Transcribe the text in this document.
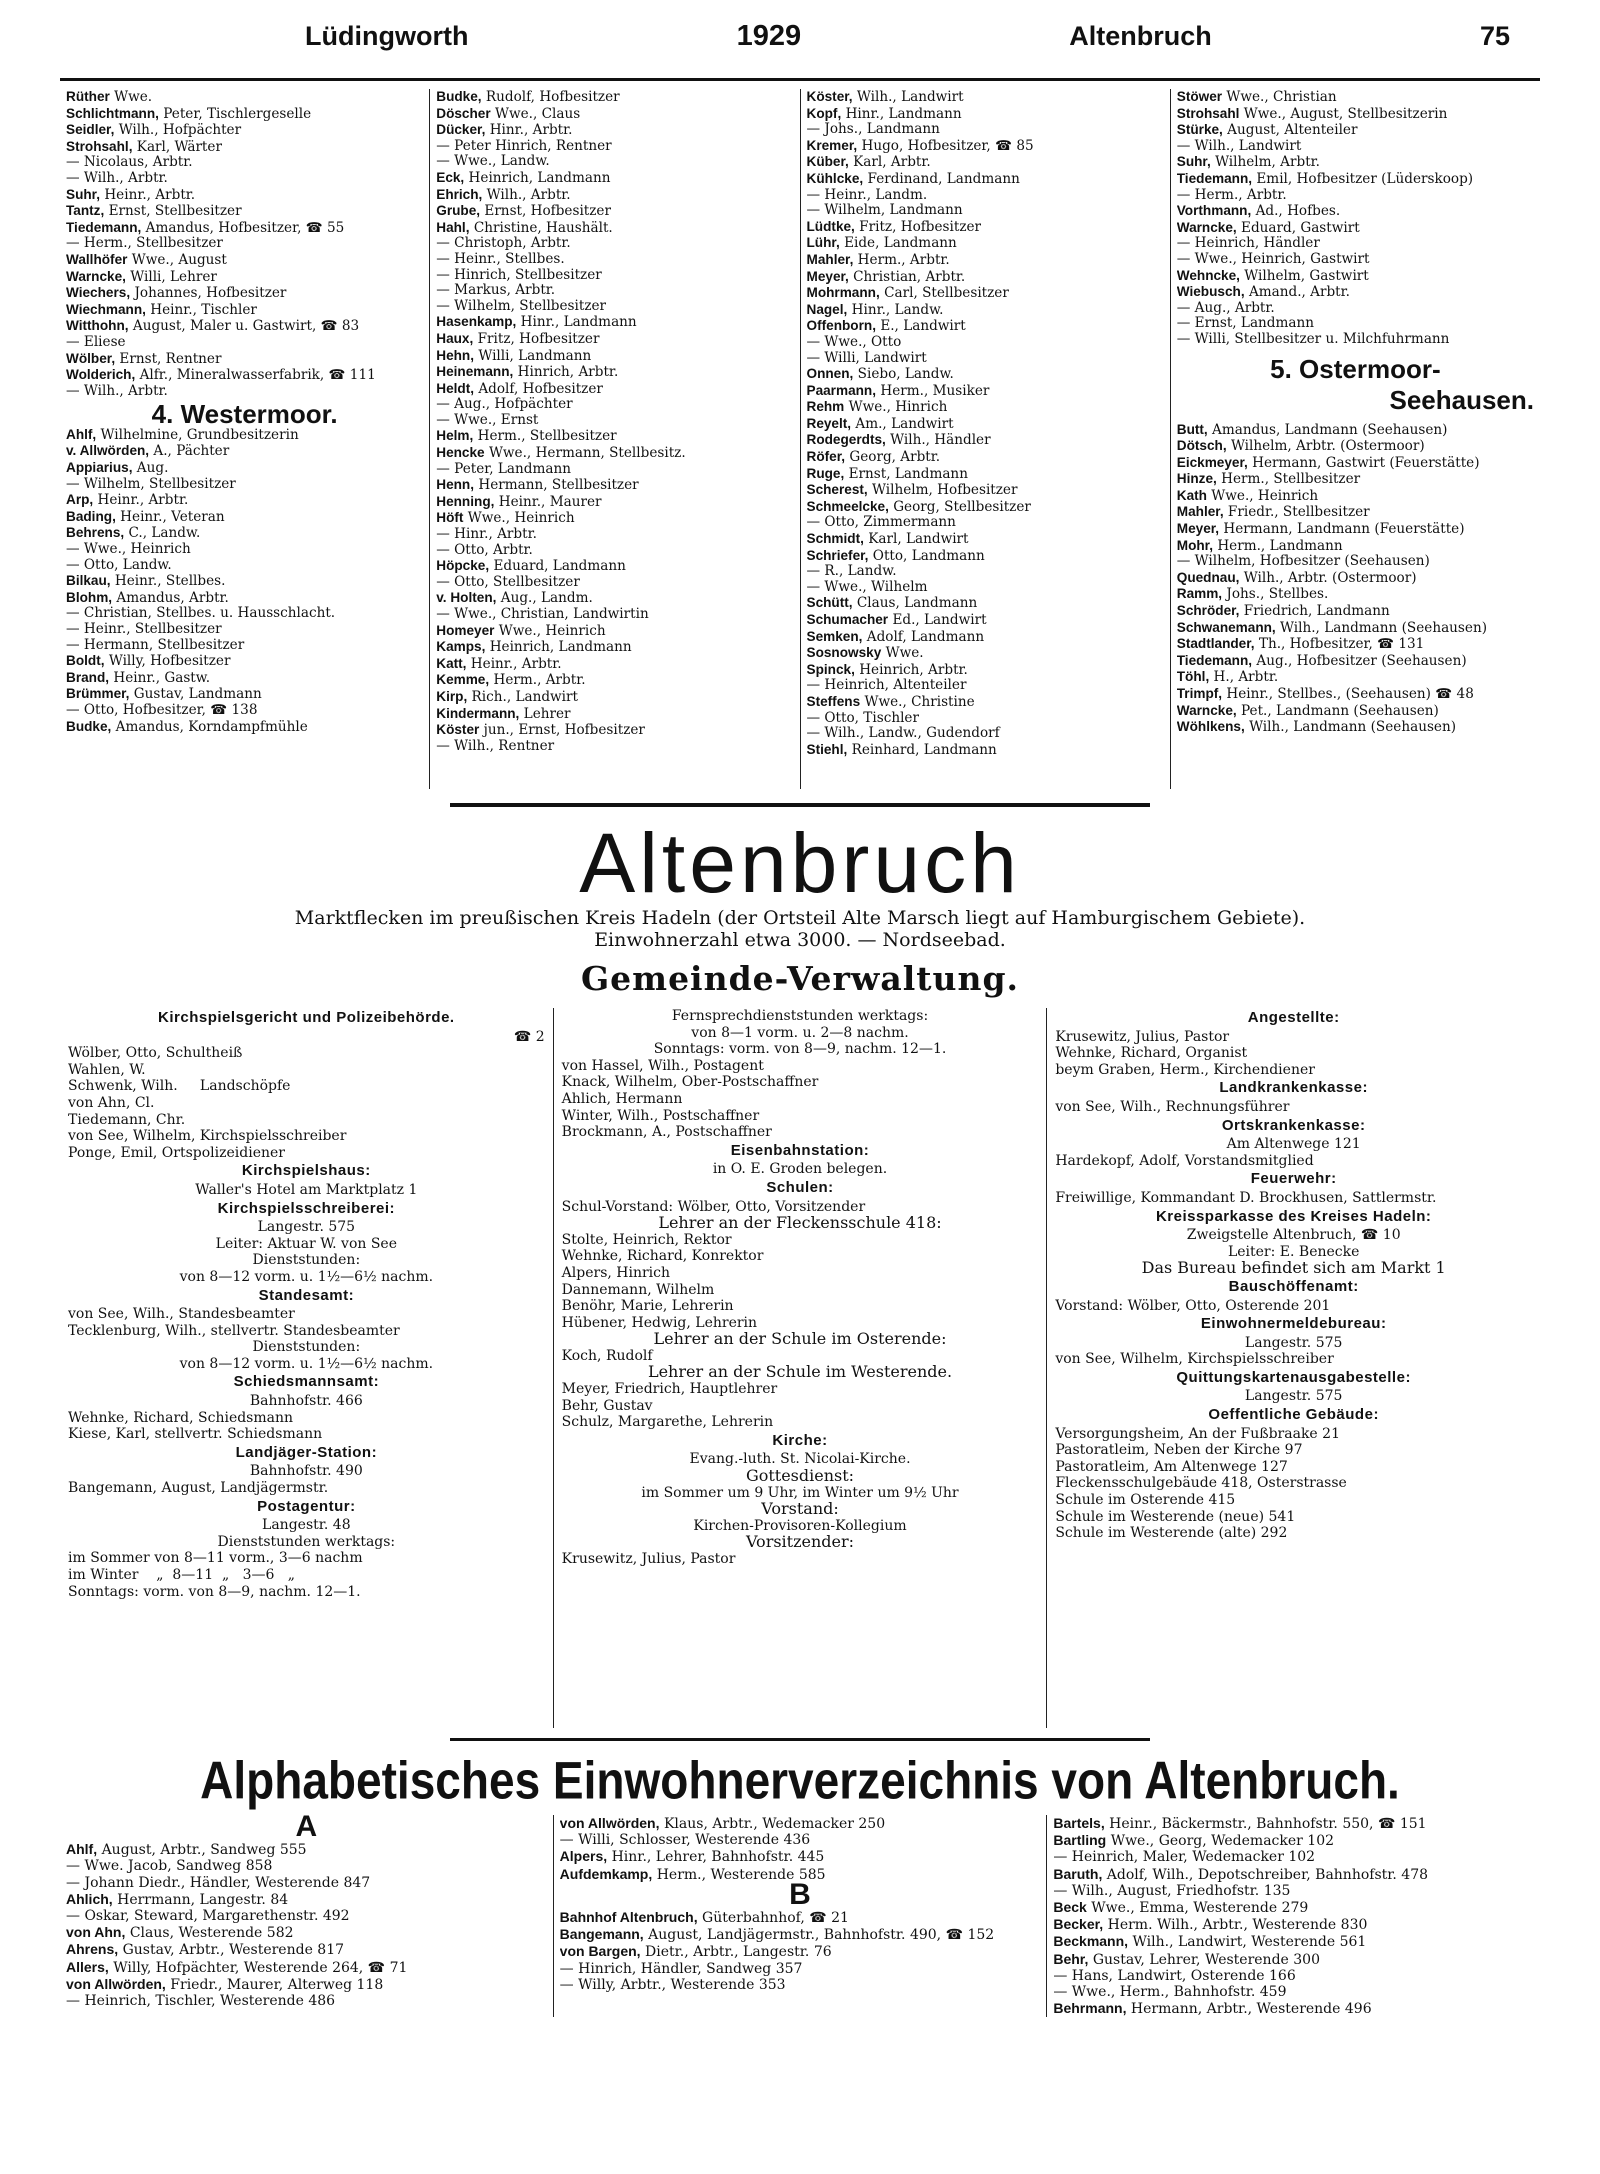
Lüdingworth	1929	Altenbruch	75
Rüther Wwe.
Schlichtmann, Peter, Tischlergeselle
Seidler, Wilh., Hofpächter
Strohsahl, Karl, Wärter
— Nicolaus, Arbtr.
— Wilh., Arbtr.
Suhr, Heinr., Arbtr.
Tantz, Ernst, Stellbesitzer
Tiedemann, Amandus, Hofbesitzer, ☎ 55
— Herm., Stellbesitzer
Wallhöfer Wwe., August
Warncke, Willi, Lehrer
Wiechers, Johannes, Hofbesitzer
Wiechmann, Heinr., Tischler
Witthohn, August, Maler u. Gastwirt, ☎ 83
— Eliese
Wölber, Ernst, Rentner
Wolderich, Alfr., Mineralwasserfabrik, ☎ 111
— Wilh., Arbtr.
4. Westermoor.
Ahlf, Wilhelmine, Grundbesitzerin
v. Allwörden, A., Pächter
Appiarius, Aug.
— Wilhelm, Stellbesitzer
Arp, Heinr., Arbtr.
Bading, Heinr., Veteran
Behrens, C., Landw.
— Wwe., Heinrich
— Otto, Landw.
Bilkau, Heinr., Stellbes.
Blohm, Amandus, Arbtr.
— Christian, Stellbes. u. Hausschlacht.
— Heinr., Stellbesitzer
— Hermann, Stellbesitzer
Boldt, Willy, Hofbesitzer
Brand, Heinr., Gastw.
Brümmer, Gustav, Landmann
— Otto, Hofbesitzer, ☎ 138
Budke, Amandus, Korndampfmühle
Budke, Rudolf, Hofbesitzer
Döscher Wwe., Claus
Dücker, Hinr., Arbtr.
— Peter Hinrich, Rentner
— Wwe., Landw.
Eck, Heinrich, Landmann
Ehrich, Wilh., Arbtr.
Grube, Ernst, Hofbesitzer
Hahl, Christine, Haushält.
— Christoph, Arbtr.
— Heinr., Stellbes.
— Hinrich, Stellbesitzer
— Markus, Arbtr.
— Wilhelm, Stellbesitzer
Hasenkamp, Hinr., Landmann
Haux, Fritz, Hofbesitzer
Hehn, Willi, Landmann
Heinemann, Hinrich, Arbtr.
Heldt, Adolf, Hofbesitzer
— Aug., Hofpächter
— Wwe., Ernst
Helm, Herm., Stellbesitzer
Hencke Wwe., Hermann, Stellbesitz.
— Peter, Landmann
Henn, Hermann, Stellbesitzer
Henning, Heinr., Maurer
Höft Wwe., Heinrich
— Hinr., Arbtr.
— Otto, Arbtr.
Höpcke, Eduard, Landmann
— Otto, Stellbesitzer
v. Holten, Aug., Landm.
— Wwe., Christian, Landwirtin
Homeyer Wwe., Heinrich
Kamps, Heinrich, Landmann
Katt, Heinr., Arbtr.
Kemme, Herm., Arbtr.
Kirp, Rich., Landwirt
Kindermann, Lehrer
Köster jun., Ernst, Hofbesitzer
— Wilh., Rentner
Köster, Wilh., Landwirt
Kopf, Hinr., Landmann
— Johs., Landmann
Kremer, Hugo, Hofbesitzer, ☎ 85
Küber, Karl, Arbtr.
Kühlcke, Ferdinand, Landmann
— Heinr., Landm.
— Wilhelm, Landmann
Lüdtke, Fritz, Hofbesitzer
Lühr, Eide, Landmann
Mahler, Herm., Arbtr.
Meyer, Christian, Arbtr.
Mohrmann, Carl, Stellbesitzer
Nagel, Hinr., Landw.
Offenborn, E., Landwirt
— Wwe., Otto
— Willi, Landwirt
Onnen, Siebo, Landw.
Paarmann, Herm., Musiker
Rehm Wwe., Hinrich
Reyelt, Am., Landwirt
Rodegerdts, Wilh., Händler
Röfer, Georg, Arbtr.
Ruge, Ernst, Landmann
Scherest, Wilhelm, Hofbesitzer
Schmeelcke, Georg, Stellbesitzer
— Otto, Zimmermann
Schmidt, Karl, Landwirt
Schriefer, Otto, Landmann
— R., Landw.
— Wwe., Wilhelm
Schütt, Claus, Landmann
Schumacher Ed., Landwirt
Semken, Adolf, Landmann
Sosnowsky Wwe.
Spinck, Heinrich, Arbtr.
— Heinrich, Altenteiler
Steffens Wwe., Christine
— Otto, Tischler
— Wilh., Landw., Gudendorf
Stiehl, Reinhard, Landmann
Stöwer Wwe., Christian
Strohsahl Wwe., August, Stellbesitzerin
Stürke, August, Altenteiler
— Wilh., Landwirt
Suhr, Wilhelm, Arbtr.
Tiedemann, Emil, Hofbesitzer (Lüderskoop)
— Herm., Arbtr.
Vorthmann, Ad., Hofbes.
Warncke, Eduard, Gastwirt
— Heinrich, Händler
— Wwe., Heinrich, Gastwirt
Wehncke, Wilhelm, Gastwirt
Wiebusch, Amand., Arbtr.
— Aug., Arbtr.
— Ernst, Landmann
— Willi, Stellbesitzer u. Milchfuhrmann
5. Ostermoor-
Seehausen.
Butt, Amandus, Landmann (Seehausen)
Dötsch, Wilhelm, Arbtr. (Ostermoor)
Eickmeyer, Hermann, Gastwirt (Feuerstätte)
Hinze, Herm., Stellbesitzer
Kath Wwe., Heinrich
Mahler, Friedr., Stellbesitzer
Meyer, Hermann, Landmann (Feuerstätte)
Mohr, Herm., Landmann
— Wilhelm, Hofbesitzer (Seehausen)
Quednau, Wilh., Arbtr. (Ostermoor)
Ramm, Johs., Stellbes.
Schröder, Friedrich, Landmann
Schwanemann, Wilh., Landmann (Seehausen)
Stadtlander, Th., Hofbesitzer, ☎ 131
Tiedemann, Aug., Hofbesitzer (Seehausen)
Töhl, H., Arbtr.
Trimpf, Heinr., Stellbes., (Seehausen) ☎ 48
Warncke, Pet., Landmann (Seehausen)
Wöhlkens, Wilh., Landmann (Seehausen)
Altenbruch
Marktflecken im preußischen Kreis Hadeln (der Ortsteil Alte Marsch liegt auf Hamburgischem Gebiete).
Einwohnerzahl etwa 3000. — Nordseebad.
Gemeinde-Verwaltung.
Kirchspielsgericht und Polizeibehörde.
☎ 2
Wölber, Otto, Schultheiß
Wahlen, W.
Schwenk, Wilh.     Landschöpfe
von Ahn, Cl.
Tiedemann, Chr.
von See, Wilhelm, Kirchspielsschreiber
Ponge, Emil, Ortspolizeidiener
Kirchspielshaus:
Waller's Hotel am Marktplatz 1
Kirchspielsschreiberei:
Langestr. 575
Leiter: Aktuar W. von See
Dienststunden:
von 8—12 vorm. u. 1½—6½ nachm.
Standesamt:
von See, Wilh., Standesbeamter
Tecklenburg, Wilh., stellvertr. Standesbeamter
Dienststunden:
von 8—12 vorm. u. 1½—6½ nachm.
Schiedsmannsamt:
Bahnhofstr. 466
Wehnke, Richard, Schiedsmann
Kiese, Karl, stellvertr. Schiedsmann
Landjäger-Station:
Bahnhofstr. 490
Bangemann, August, Landjägermstr.
Postagentur:
Langestr. 48
Dienststunden werktags:
im Sommer von 8—11 vorm., 3—6 nachm
im Winter    „  8—11  „   3—6   „
Sonntags: vorm. von 8—9, nachm. 12—1.
Fernsprechdienststunden werktags:
von 8—1 vorm. u. 2—8 nachm.
Sonntags: vorm. von 8—9, nachm. 12—1.
von Hassel, Wilh., Postagent
Knack, Wilhelm, Ober-Postschaffner
Ahlich, Hermann
Winter, Wilh., Postschaffner
Brockmann, A., Postschaffner
Eisenbahnstation:
in O. E. Groden belegen.
Schulen:
Schul-Vorstand: Wölber, Otto, Vorsitzender
Lehrer an der Fleckensschule 418:
Stolte, Heinrich, Rektor
Wehnke, Richard, Konrektor
Alpers, Hinrich
Dannemann, Wilhelm
Benöhr, Marie, Lehrerin
Hübener, Hedwig, Lehrerin
Lehrer an der Schule im Osterende:
Koch, Rudolf
Lehrer an der Schule im Westerende.
Meyer, Friedrich, Hauptlehrer
Behr, Gustav
Schulz, Margarethe, Lehrerin
Kirche:
Evang.-luth. St. Nicolai-Kirche.
Gottesdienst:
im Sommer um 9 Uhr, im Winter um 9½ Uhr
Vorstand:
Kirchen-Provisoren-Kollegium
Vorsitzender:
Krusewitz, Julius, Pastor
Angestellte:
Krusewitz, Julius, Pastor
Wehnke, Richard, Organist
beym Graben, Herm., Kirchendiener
Landkrankenkasse:
von See, Wilh., Rechnungsführer
Ortskrankenkasse:
Am Altenwege 121
Hardekopf, Adolf, Vorstandsmitglied
Feuerwehr:
Freiwillige, Kommandant D. Brockhusen, Sattlermstr.
Kreissparkasse des Kreises Hadeln:
Zweigstelle Altenbruch, ☎ 10
Leiter: E. Benecke
Das Bureau befindet sich am Markt 1
Bauschöffenamt:
Vorstand: Wölber, Otto, Osterende 201
Einwohnermeldebureau:
Langestr. 575
von See, Wilhelm, Kirchspielsschreiber
Quittungskartenausgabestelle:
Langestr. 575
Oeffentliche Gebäude:
Versorgungsheim, An der Fußbraake 21
Pastoratleim, Neben der Kirche 97
Pastoratleim, Am Altenwege 127
Fleckensschulgebäude 418, Osterstrasse
Schule im Osterende 415
Schule im Westerende (neue) 541
Schule im Westerende (alte) 292
Alphabetisches Einwohnerverzeichnis von Altenbruch.
A
Ahlf, August, Arbtr., Sandweg 555
— Wwe. Jacob, Sandweg 858
— Johann Diedr., Händler, Westerende 847
Ahlich, Herrmann, Langestr. 84
— Oskar, Steward, Margarethenstr. 492
von Ahn, Claus, Westerende 582
Ahrens, Gustav, Arbtr., Westerende 817
Allers, Willy, Hofpächter, Westerende 264, ☎ 71
von Allwörden, Friedr., Maurer, Alterweg 118
— Heinrich, Tischler, Westerende 486
von Allwörden, Klaus, Arbtr., Wedemacker 250
— Willi, Schlosser, Westerende 436
Alpers, Hinr., Lehrer, Bahnhofstr. 445
Aufdemkamp, Herm., Westerende 585
B
Bahnhof Altenbruch, Güterbahnhof, ☎ 21
Bangemann, August, Landjägermstr., Bahnhofstr. 490, ☎ 152
von Bargen, Dietr., Arbtr., Langestr. 76
— Hinrich, Händler, Sandweg 357
— Willy, Arbtr., Westerende 353
Bartels, Heinr., Bäckermstr., Bahnhofstr. 550, ☎ 151
Bartling Wwe., Georg, Wedemacker 102
— Heinrich, Maler, Wedemacker 102
Baruth, Adolf, Wilh., Depotschreiber, Bahnhofstr. 478
— Wilh., August, Friedhofstr. 135
Beck Wwe., Emma, Westerende 279
Becker, Herm. Wilh., Arbtr., Westerende 830
Beckmann, Wilh., Landwirt, Westerende 561
Behr, Gustav, Lehrer, Westerende 300
— Hans, Landwirt, Osterende 166
— Wwe., Herm., Bahnhofstr. 459
Behrmann, Hermann, Arbtr., Westerende 496
